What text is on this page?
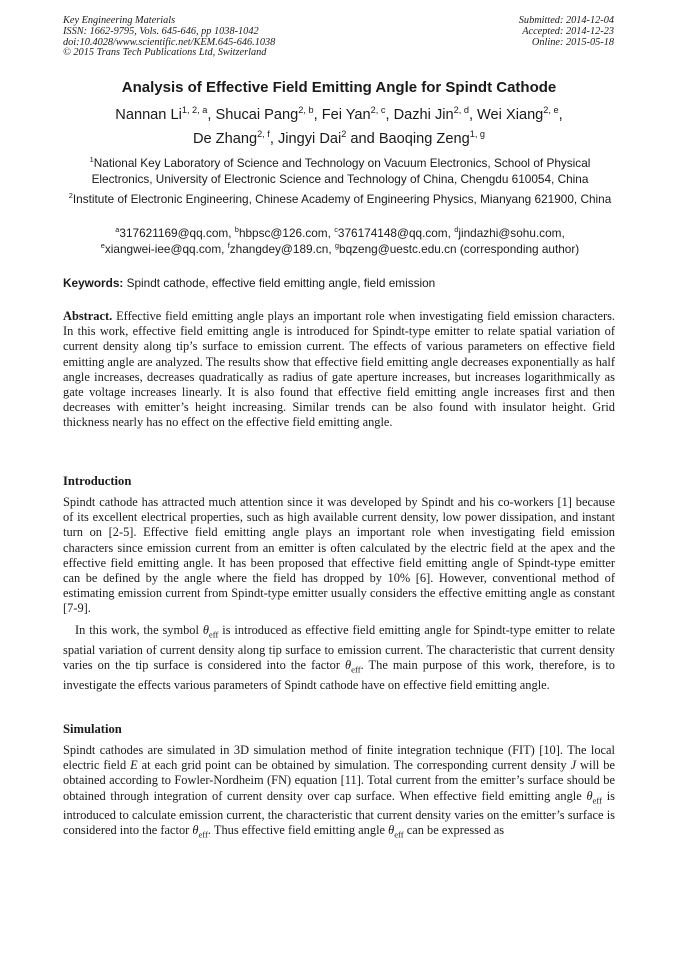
Key Engineering Materials
ISSN: 1662-9795, Vols. 645-646, pp 1038-1042
doi:10.4028/www.scientific.net/KEM.645-646.1038
© 2015 Trans Tech Publications Ltd, Switzerland
Submitted: 2014-12-04
Accepted: 2014-12-23
Online: 2015-05-18
Analysis of Effective Field Emitting Angle for Spindt Cathode
Nannan Li$^{1, 2, a}$, Shucai Pang$^{2, b}$, Fei Yan$^{2, c}$, Dazhi Jin$^{2, d}$, Wei Xiang$^{2, e}$,
De Zhang$^{2, f}$, Jingyi Dai$^2$ and Baoqing Zeng$^{1, g}$
$^1$National Key Laboratory of Science and Technology on Vacuum Electronics, School of Physical Electronics, University of Electronic Science and Technology of China, Chengdu 610054, China
$^2$Institute of Electronic Engineering, Chinese Academy of Engineering Physics, Mianyang 621900, China
$^a$317621169@qq.com, $^b$hbpsc@126.com, $^c$376174148@qq.com, $^d$jindazhi@sohu.com,
$^e$xiangwei-iee@qq.com, $^f$zhangdey@189.cn, $^g$bqzeng@uestc.edu.cn (corresponding author)
Keywords: Spindt cathode, effective field emitting angle, field emission
Abstract. Effective field emitting angle plays an important role when investigating field emission characters. In this work, effective field emitting angle is introduced for Spindt-type emitter to relate spatial variation of current density along tip’s surface to emission current. The effects of various parameters on effective field emitting angle are analyzed. The results show that effective field emitting angle decreases exponentially as half angle increases, decreases quadratically as radius of gate aperture increases, but increases logarithmically as gate voltage increases linearly. It is also found that effective field emitting angle increases first and then decreases with emitter’s height increasing. Similar trends can be also found with insulator height. Grid thickness nearly has no effect on the effective field emitting angle.
Introduction
Spindt cathode has attracted much attention since it was developed by Spindt and his co-workers [1] because of its excellent electrical properties, such as high available current density, low power dissipation, and instant turn on [2-5]. Effective field emitting angle plays an important role when investigating field emission characters since emission current from an emitter is often calculated by the electric field at the apex and the effective field emitting angle. It has been proposed that effective field emitting angle of Spindt-type emitter can be defined by the angle where the field has dropped by 10% [6]. However, conventional method of estimating emission current from Spindt-type emitter usually considers the effective emitting angle as constant [7-9].
In this work, the symbol $\theta_{eff}$ is introduced as effective field emitting angle for Spindt-type emitter to relate spatial variation of current density along tip surface to emission current. The characteristic that current density varies on the tip surface is considered into the factor $\theta_{eff}$. The main purpose of this work, therefore, is to investigate the effects various parameters of Spindt cathode have on effective field emitting angle.
Simulation
Spindt cathodes are simulated in 3D simulation method of finite integration technique (FIT) [10]. The local electric field E at each grid point can be obtained by simulation. The corresponding current density J will be obtained according to Fowler-Nordheim (FN) equation [11]. Total current from the emitter’s surface should be obtained through integration of current density over cap surface. When effective field emitting angle $\theta_{eff}$ is introduced to calculate emission current, the characteristic that current density varies on the emitter’s surface is considered into the factor $\theta_{eff}$. Thus effective field emitting angle $\theta_{eff}$ can be expressed as
